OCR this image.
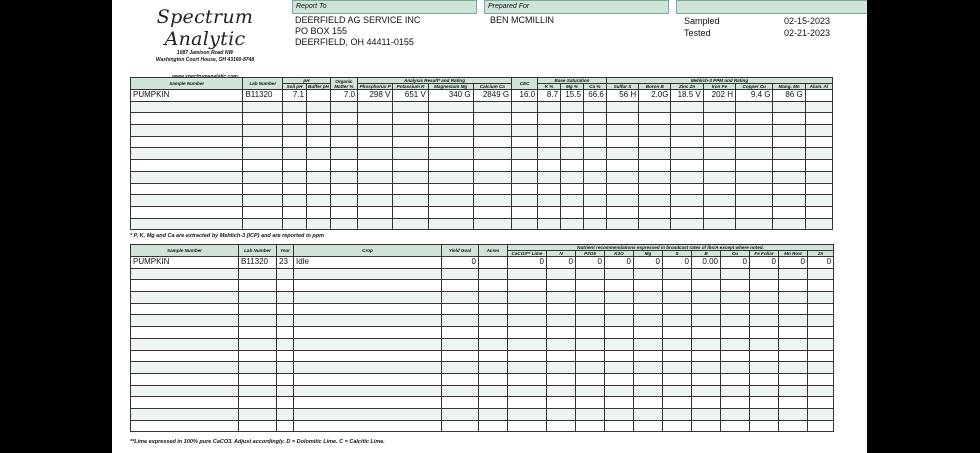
Spectrum Analytic
1087 Jamison Road NW
Washington Court House, OH 43160-8748
Report To
DEERFIELD AG SERVICE INC
PO BOX 155
DEERFIELD, OH 44411-0155
Prepared For
BEN MCMILLIN	Sampled	02-15-2023
Tested	02-21-2023
Sample Number	Lab Number	pH		Organic Matter %	Analysis Result* and Rating				CEC	Base Saturation			Mehlich-3 PPM and Rating						
		Soil pH	Buffer pH		Phosphorus P	Potassium K	Magnesium Mg	Calcium Ca		K %	Mg %	Ca %	Sulfur S	Boron B	Zinc Zn	Iron Fe	Copper Cu	Mang. Mn	Alum. Al
PUMPKIN	B11320	7.1		7.0	298 V	651 V	340 G	2849 G	16.0	8.7	15.5	66.6	56 H	2.0G	18.5 V	202 H	9.4 G	86 G	

* P, K, Mg and Ca are extracted by Mehlich-3 (ICP) and are reported in ppm
Sample Number	Lab Number	Year	Crop	Yield Goal	Acres	Nutrient recommendations expressed in broadcast rates of lbs/A except where noted.										
						CaCO3** Lime	N	P2O5	K2O	Mg	S	B	Cu	Fe Foliar	Mn Row	Zn
PUMPKIN	B11320	23	Idle	0		0	0	0	0	0	0	0.00	0	0	0	0

**Lime expressed in 100% pure CaCO3. Adjust accordingly. D = Dolomitic Lime. C = Calcitic Lime.
